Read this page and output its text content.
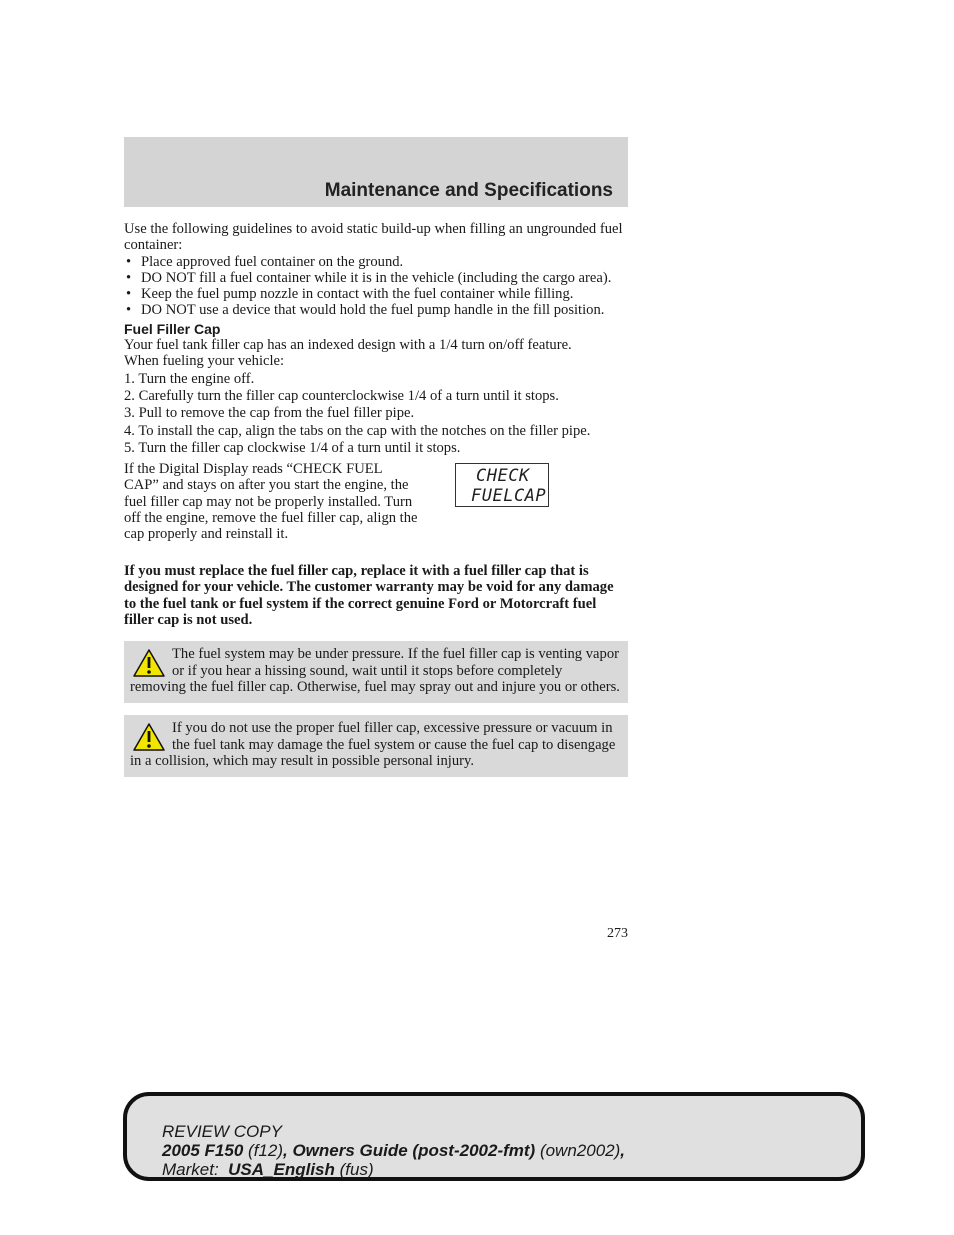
Maintenance and Specifications

Use the following guidelines to avoid static build-up when filling an ungrounded fuel container:

• Place approved fuel container on the ground.
• DO NOT fill a fuel container while it is in the vehicle (including the cargo area).
• Keep the fuel pump nozzle in contact with the fuel container while filling.
• DO NOT use a device that would hold the fuel pump handle in the fill position.

Fuel Filler Cap

Your fuel tank filler cap has an indexed design with a 1/4 turn on/off feature.

When fueling your vehicle:

1. Turn the engine off.

2. Carefully turn the filler cap counterclockwise 1/4 of a turn until it stops.

3. Pull to remove the cap from the fuel filler pipe.

4. To install the cap, align the tabs on the cap with the notches on the filler pipe.

5. Turn the filler cap clockwise 1/4 of a turn until it stops.

If the Digital Display reads “CHECK FUEL CAP” and stays on after you start the engine, the fuel filler cap may not be properly installed. Turn off the engine, remove the fuel filler cap, align the cap properly and reinstall it.

CHECK
FUELCAP

If you must replace the fuel filler cap, replace it with a fuel filler cap that is designed for your vehicle. The customer warranty may be void for any damage to the fuel tank or fuel system if the correct genuine Ford or Motorcraft fuel filler cap is not used.

The fuel system may be under pressure. If the fuel filler cap is venting vapor or if you hear a hissing sound, wait until it stops before completely removing the fuel filler cap. Otherwise, fuel may spray out and injure you or others.

If you do not use the proper fuel filler cap, excessive pressure or vacuum in the fuel tank may damage the fuel system or cause the fuel cap to disengage in a collision, which may result in possible personal injury.

273
REVIEW COPY
2005 F150 (f12), Owners Guide (post-2002-fmt) (own2002),
Market: USA_English (fus)
